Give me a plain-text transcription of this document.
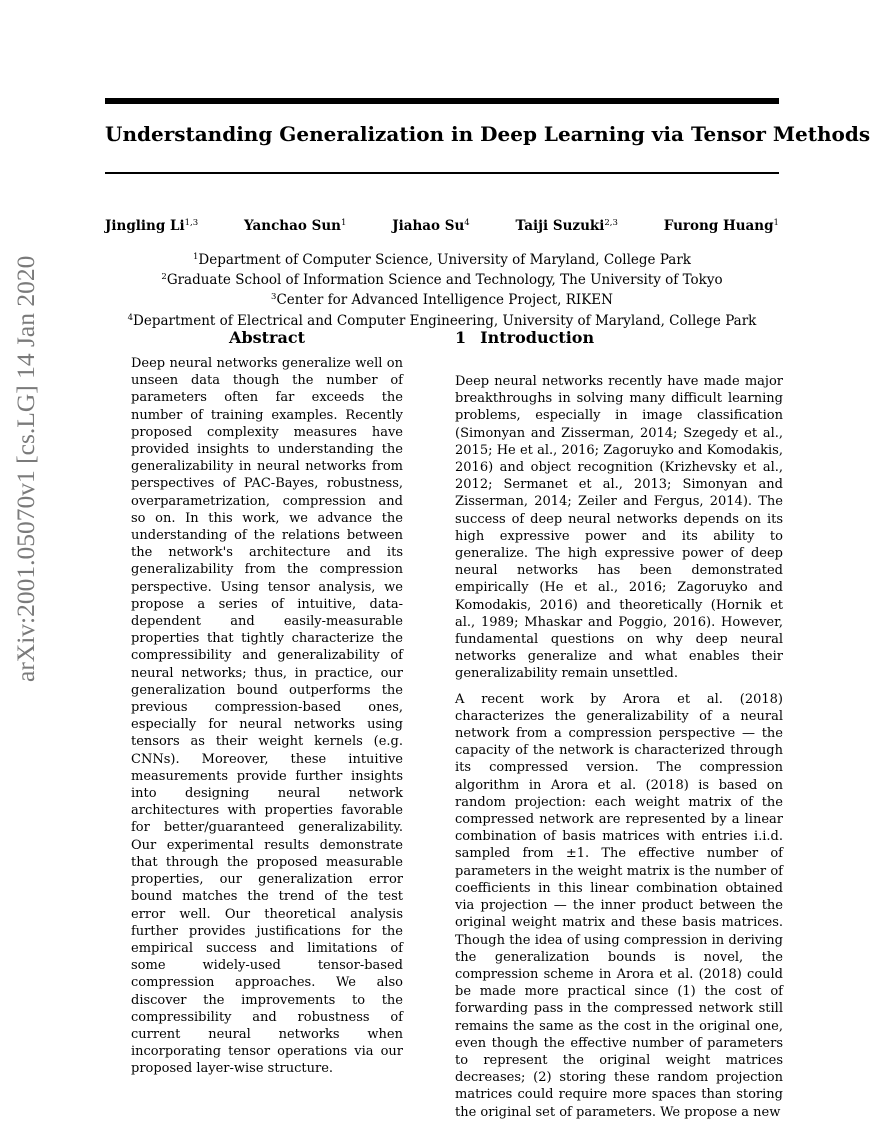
Understanding Generalization in Deep Learning via Tensor Methods
Jingling Li$^{1,3}$	Yanchao Sun$^1$	Jiahao Su$^4$	Taiji Suzuki$^{2,3}$	Furong Huang$^1$
$^1$Department of Computer Science, University of Maryland, College Park
$^2$Graduate School of Information Science and Technology, The University of Tokyo
$^3$Center for Advanced Intelligence Project, RIKEN
$^4$Department of Electrical and Computer Engineering, University of Maryland, College Park
arXiv:2001.05070v1 [cs.LG] 14 Jan 2020	Abstract

Deep neural networks generalize well on unseen data though the number of parameters often far exceeds the number of training examples. Recently proposed complexity measures have provided insights to understanding the generalizability in neural networks from perspectives of PAC-Bayes, robustness, overparametrization, compression and so on. In this work, we advance the understanding of the relations between the network's architecture and its generalizability from the compression perspective. Using tensor analysis, we propose a series of intuitive, data-dependent and easily-measurable properties that tightly characterize the compressibility and generalizability of neural networks; thus, in practice, our generalization bound outperforms the previous compression-based ones, especially for neural networks using tensors as their weight kernels (e.g. CNNs). Moreover, these intuitive measurements provide further insights into designing neural network architectures with properties favorable for better/guaranteed generalizability. Our experimental results demonstrate that through the proposed measurable properties, our generalization error bound matches the trend of the test error well. Our theoretical analysis further provides justifications for the empirical success and limitations of some widely-used tensor-based compression approaches. We also discover the improvements to the compressibility and robustness of current neural networks when incorporating tensor operations via our proposed layer-wise structure.

1 Introduction

Deep neural networks recently have made major breakthroughs in solving many difficult learning problems, especially in image classification (Simonyan and Zisserman, 2014; Szegedy et al., 2015; He et al., 2016; Zagoruyko and Komodakis, 2016) and object recognition (Krizhevsky et al., 2012; Sermanet et al., 2013; Simonyan and Zisserman, 2014; Zeiler and Fergus, 2014). The success of deep neural networks depends on its high expressive power and its ability to generalize. The high expressive power of deep neural networks has been demonstrated empirically (He et al., 2016; Zagoruyko and Komodakis, 2016) and theoretically (Hornik et al., 1989; Mhaskar and Poggio, 2016). However, fundamental questions on why deep neural networks generalize and what enables their generalizability remain unsettled.

A recent work by Arora et al. (2018) characterizes the generalizability of a neural network from a compression perspective — the capacity of the network is characterized through its compressed version. The compression algorithm in Arora et al. (2018) is based on random projection: each weight matrix of the compressed network are represented by a linear combination of basis matrices with entries i.i.d. sampled from ±1. The effective number of parameters in the weight matrix is the number of coefficients in this linear combination obtained via projection — the inner product between the original weight matrix and these basis matrices. Though the idea of using compression in deriving the generalization bounds is novel, the compression scheme in Arora et al. (2018) could be made more practical since (1) the cost of forwarding pass in the compressed network still remains the same as the cost in the original one, even though the effective number of parameters to represent the original weight matrices decreases; (2) storing these random projection matrices could require more spaces than storing the original set of parameters. We propose a new
